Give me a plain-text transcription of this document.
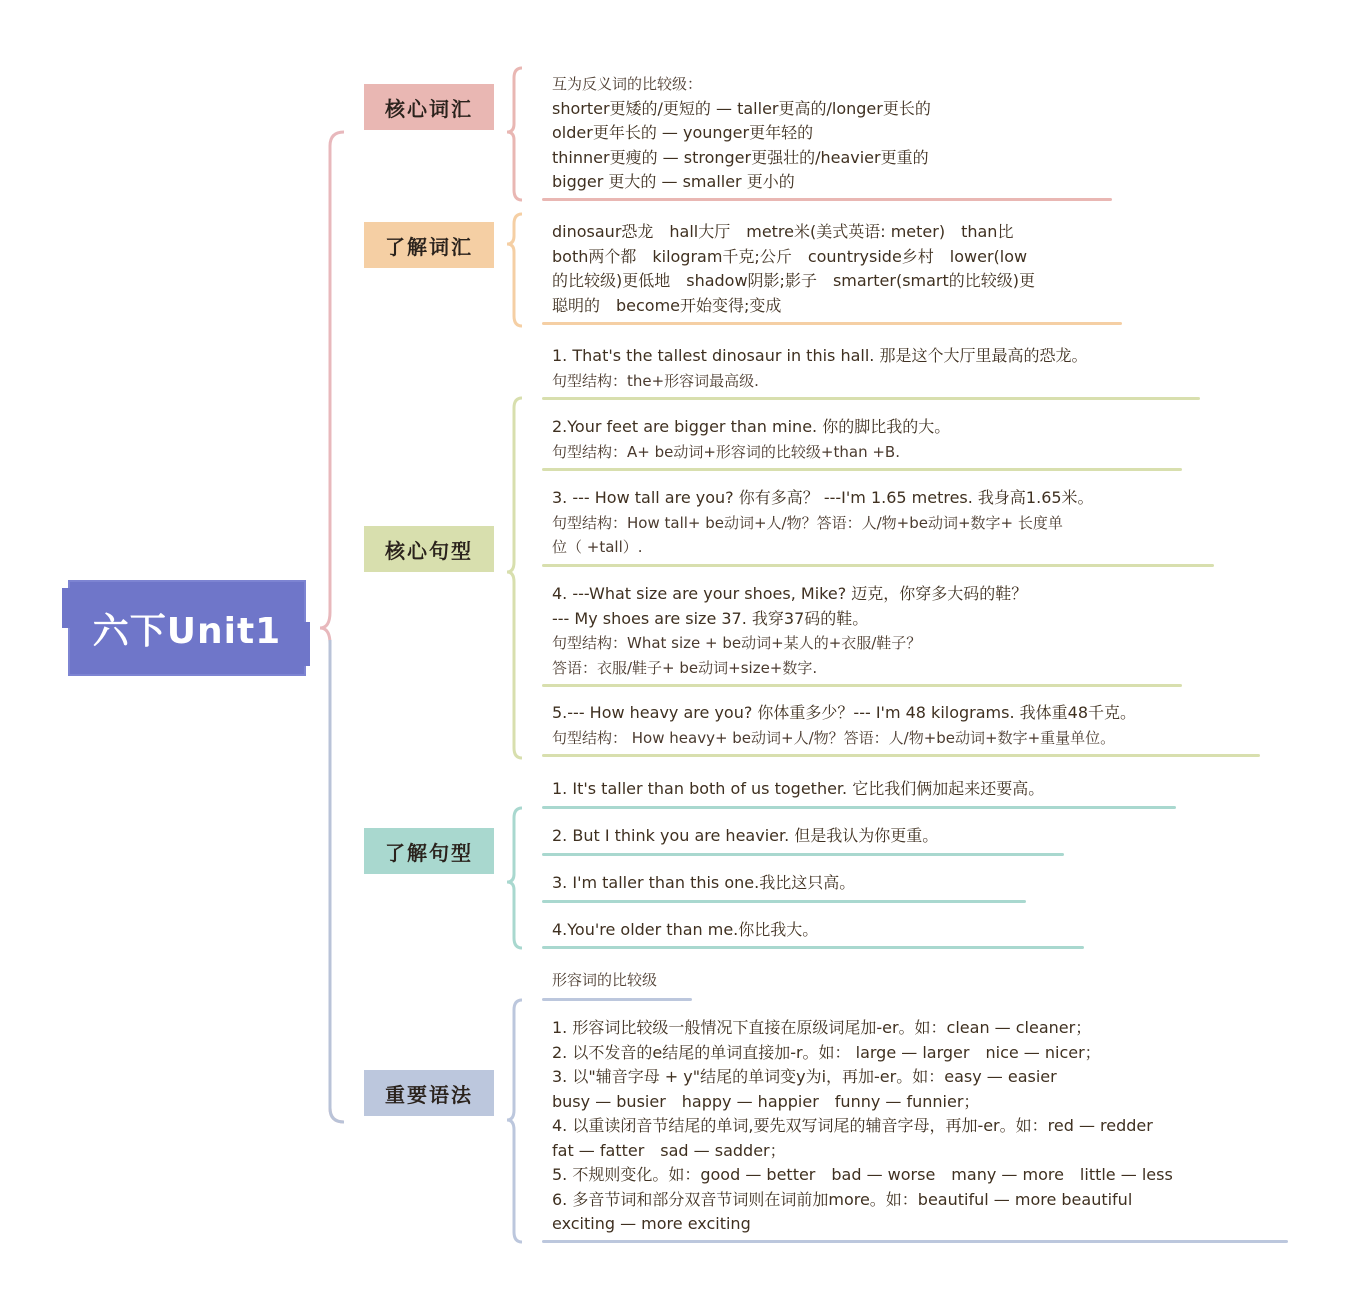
六下Unit1
核心词汇
了解词汇
核心句型
了解句型
重要语法
互为反义词的比较级：
shorter更矮的/更短的 — taller更高的/longer更长的
older更年长的 — younger更年轻的
thinner更瘦的 — stronger更强壮的/heavier更重的
bigger 更大的 — smaller 更小的
dinosaur恐龙　hall大厅　metre米(美式英语: meter)　than比
both两个都　kilogram千克;公斤　countryside乡村　lower(low
的比较级)更低地　shadow阴影;影子　smarter(smart的比较级)更
聪明的　become开始变得;变成
1. That's the tallest dinosaur in this hall. 那是这个大厅里最高的恐龙。
句型结构：the+形容词最高级.
2.Your feet are bigger than mine. 你的脚比我的大。
句型结构：A+ be动词+形容词的比较级+than +B.
3. --- How tall are you? 你有多高？ ---I'm 1.65 metres. 我身高1.65米。
句型结构：How tall+ be动词+人/物？答语：人/物+be动词+数字+ 长度单
位（ +tall）.
4. ---What size are your shoes, Mike? 迈克，你穿多大码的鞋？
--- My shoes are size 37. 我穿37码的鞋。
句型结构：What size + be动词+某人的+衣服/鞋子？
答语：衣服/鞋子+ be动词+size+数字.
5.--- How heavy are you? 你体重多少？--- I'm 48 kilograms. 我体重48千克。
句型结构： How heavy+ be动词+人/物？答语：人/物+be动词+数字+重量单位。
1. It's taller than both of us together. 它比我们俩加起来还要高。
2. But I think you are heavier. 但是我认为你更重。
3. I'm taller than this one.我比这只高。
4.You're older than me.你比我大。
形容词的比较级
1. 形容词比较级一般情况下直接在原级词尾加-er。如：clean — cleaner；
2. 以不发音的e结尾的单词直接加-r。如： large — larger　nice — nicer；
3. 以"辅音字母 + y"结尾的单词变y为i，再加-er。如：easy — easier
busy — busier　happy — happier　funny — funnier；
4. 以重读闭音节结尾的单词,要先双写词尾的辅音字母，再加-er。如：red — redder
fat — fatter　sad — sadder；
5. 不规则变化。如：good — better　bad — worse　many — more　little — less
6. 多音节词和部分双音节词则在词前加more。如：beautiful — more beautiful
exciting — more exciting
